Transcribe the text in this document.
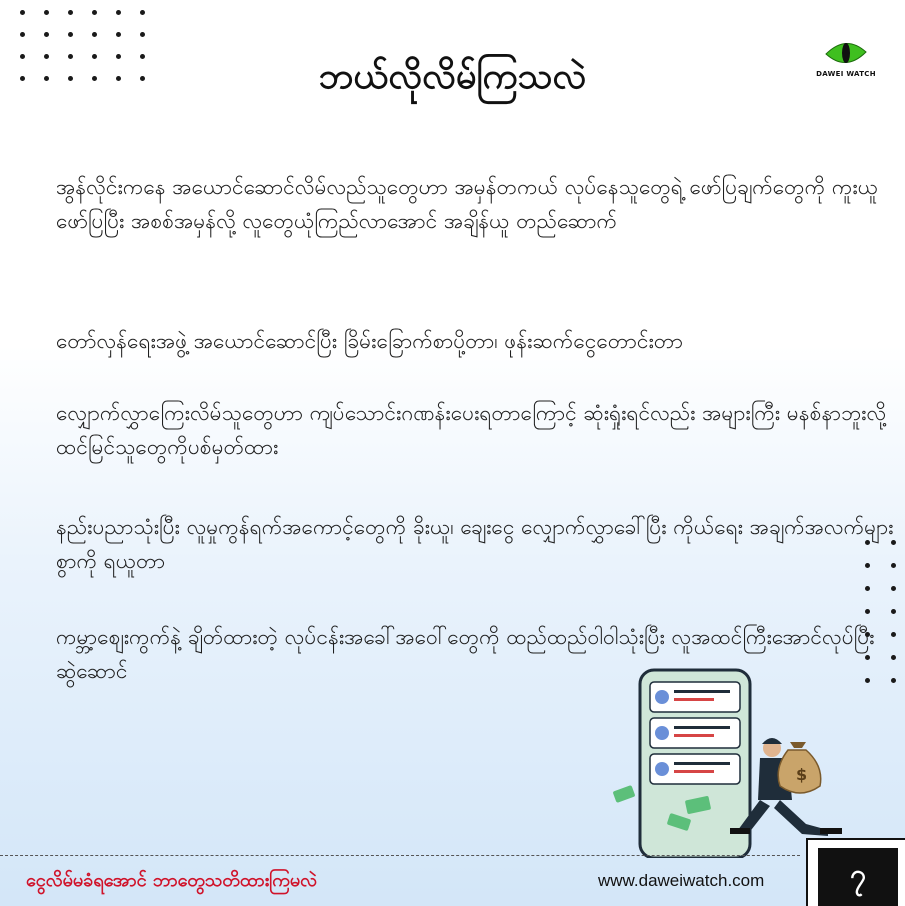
ဘယ်လိုလိမ်ကြသလဲ	DAWEI WATCH

အွန်လိုင်းကနေ အယောင်ဆောင်လိမ်လည်သူတွေဟာ အမှန်တကယ် လုပ်နေသူတွေရဲ့ ဖော်ပြချက်တွေကို ကူးယူဖော်ပြပြီး အစစ်အမှန်လို့ လူတွေယုံကြည်လာအောင် အချိန်ယူ တည်ဆောက်

တော်လှန်ရေးအဖွဲ့ အယောင်ဆောင်ပြီး ခြိမ်းခြောက်စာပို့တာ၊ ဖုန်းဆက်ငွေတောင်းတာ

လျှောက်လွှာကြေးလိမ်သူတွေဟာ ကျပ်သောင်းဂဏန်းပေးရတာကြောင့် ဆုံးရှုံးရင်လည်း အများကြီး မနစ်နာဘူးလို့ ထင်မြင်သူတွေကိုပစ်မှတ်ထား

နည်းပညာသုံးပြီး လူမှုကွန်ရက်အကောင့်တွေကို ခိုးယူ၊ ချေးငွေ လျှောက်လွှာခေါ်ပြီး ကိုယ်ရေး အချက်အလက်များစွာကို ရယူတာ

ကမ္ဘာ့စျေးကွက်နဲ့ ချိတ်ထားတဲ့ လုပ်ငန်းအခေါ်အဝေါ်တွေကို ထည်ထည်ဝါဝါသုံးပြီး လူအထင်ကြီးအောင်လုပ်ပြီး ဆွဲဆောင်

$
ငွေလိမ်မခံရအောင် ဘာတွေသတိထားကြမလဲ	www.daweiwatch.com	၇
